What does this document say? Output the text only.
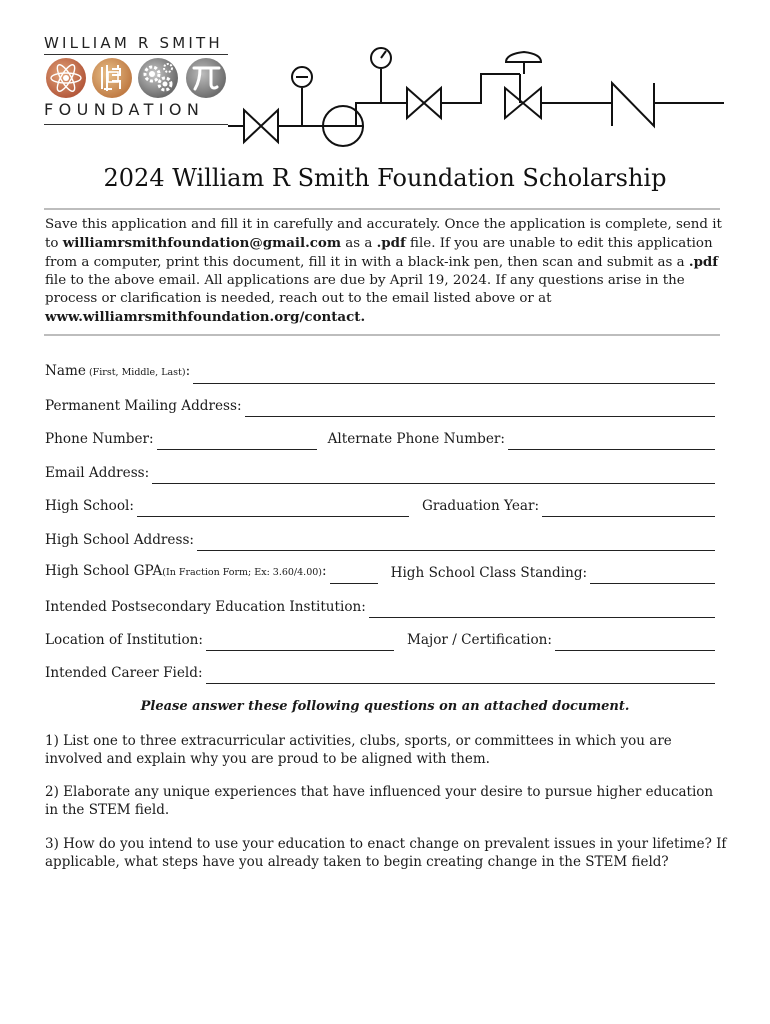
WILLIAM R SMITH
FOUNDATION
2024 William R Smith Foundation Scholarship
Save this application and fill it in carefully and accurately. Once the application is complete, send it to williamrsmithfoundation@gmail.com as a .pdf file. If you are unable to edit this application from a computer, print this document, fill it in with a black-ink pen, then scan and submit as a .pdf file to the above email. All applications are due by April 19, 2024. If any questions arise in the process or clarification is needed, reach out to the email listed above or at www.williamrsmithfoundation.org/contact.
Name (First, Middle, Last):
Permanent Mailing Address:
Phone Number:	Alternate Phone Number:
Email Address:
High School:	Graduation Year:
High School Address:
High School GPA(In Fraction Form; Ex: 3.60/4.00):	High School Class Standing:
Intended Postsecondary Education Institution:
Location of Institution:	Major / Certification:
Intended Career Field:
Please answer these following questions on an attached document.
1) List one to three extracurricular activities, clubs, sports, or committees in which you are involved and explain why you are proud to be aligned with them.
2) Elaborate any unique experiences that have influenced your desire to pursue higher education in the STEM field.
3) How do you intend to use your education to enact change on prevalent issues in your lifetime? If applicable, what steps have you already taken to begin creating change in the STEM field?
